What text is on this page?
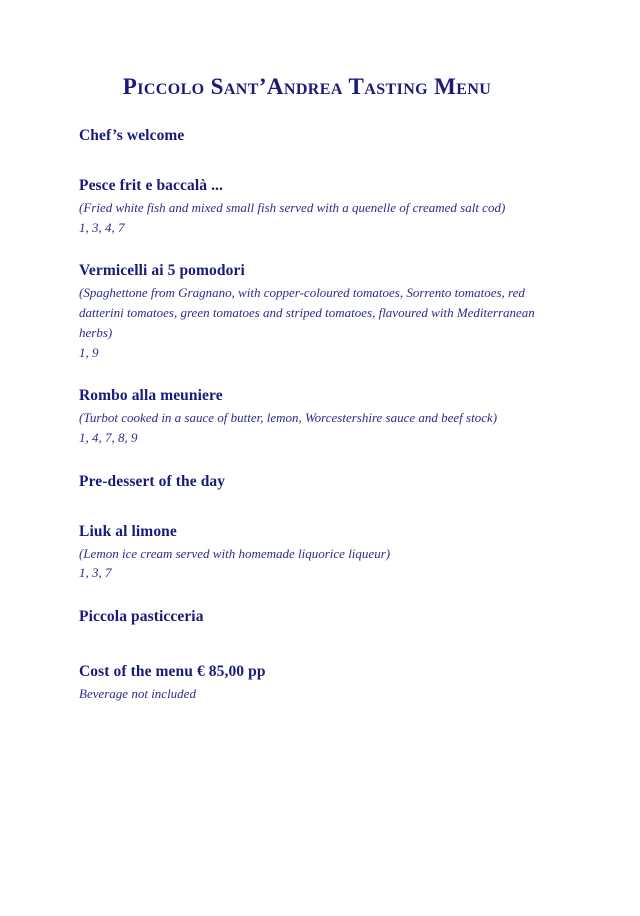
Piccolo Sant’Andrea Tasting Menu
Chef’s welcome
Pesce frit e baccalà ...
(Fried white fish and mixed small fish served with a quenelle of creamed salt cod)
1, 3, 4, 7
Vermicelli ai 5 pomodori
(Spaghettone from Gragnano, with copper-coloured tomatoes, Sorrento tomatoes, red datterini tomatoes, green tomatoes and striped tomatoes, flavoured with Mediterranean herbs)
1, 9
Rombo alla meuniere
(Turbot cooked in a sauce of butter, lemon, Worcestershire sauce and beef stock)
1, 4, 7, 8, 9
Pre-dessert of the day
Liuk al limone
(Lemon ice cream served with homemade liquorice liqueur)
1, 3, 7
Piccola pasticceria
Cost of the menu € 85,00 pp
Beverage not included
